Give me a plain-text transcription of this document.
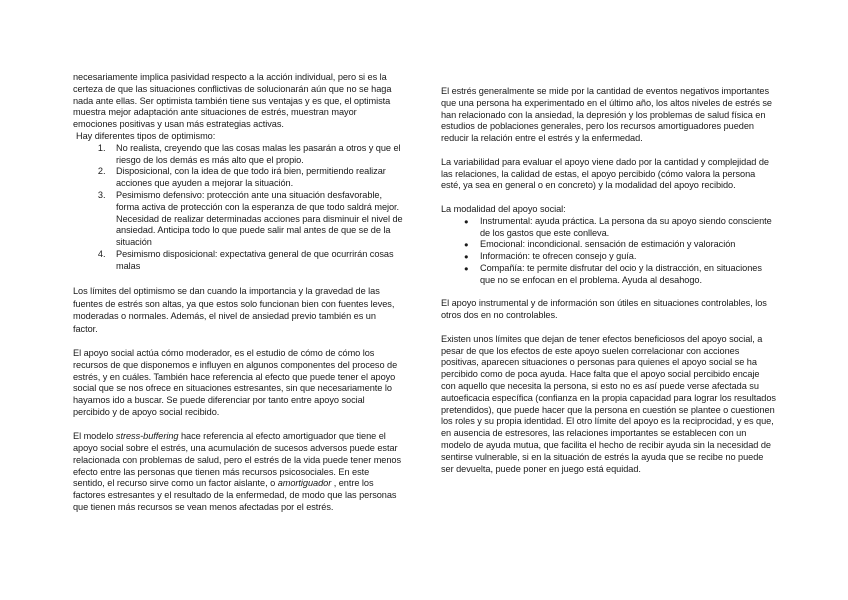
necesariamente implica pasividad respecto a la acción individual, pero si es la certeza de que las situaciones conflictivas de solucionarán aún que no se haga nada ante ellas. Ser optimista también tiene sus ventajas y es que, el optimista muestra mejor adaptación ante situaciones de estrés, muestran mayor emociones positivas y usan más estrategias activas.

Hay diferentes tipos de optimismo:

1. No realista, creyendo que las cosas malas les pasarán a otros y que el riesgo de los demás es más alto que el propio.
2. Disposicional, con la idea de que todo irá bien, permitiendo realizar acciones que ayuden a mejorar la situación.
3. Pesimismo defensivo: protección ante una situación desfavorable, forma activa de protección con la esperanza de que todo saldrá mejor. Necesidad de realizar determinadas acciones para disminuir el nivel de ansiedad. Anticipa todo lo que puede salir mal antes de que se de la situación
4. Pesimismo disposicional: expectativa general de que ocurrirán cosas malas

Los límites del optimismo se dan cuando la importancia y la gravedad de las fuentes de estrés son altas, ya que estos solo funcionan bien con fuentes leves, moderadas o normales. Además, el nivel de ansiedad previo también es un factor.

El apoyo social actúa cómo moderador, es el estudio de cómo de cómo los recursos de que disponemos e influyen en algunos componentes del proceso de estrés, y en cuáles. También hace referencia al efecto que puede tener el apoyo social que se nos ofrece en situaciones estresantes, sin que necesariamente lo hayamos ido a buscar. Se puede diferenciar por tanto entre apoyo social percibido y de apoyo social recibido.

El modelo stress-buffering hace referencia al efecto amortiguador que tiene el apoyo social sobre el estrés, una acumulación de sucesos adversos puede estar relacionada con problemas de salud, pero el estrés de la vida puede tener menos efecto entre las personas que tienen más recursos psicosociales. En este sentido, el recurso sirve como un factor aislante, o amortiguador , entre los factores estresantes y el resultado de la enfermedad, de modo que las personas que tienen más recursos se vean menos afectadas por el estrés.

El estrés generalmente se mide por la cantidad de eventos negativos importantes que una persona ha experimentado en el último año, los altos niveles de estrés se han relacionado con la ansiedad, la depresión y los problemas de salud física en estudios de poblaciones generales, pero los recursos amortiguadores pueden reducir la relación entre el estrés y la enfermedad.

La variabilidad para evaluar el apoyo viene dado por la cantidad y complejidad de las relaciones, la calidad de estas, el apoyo percibido (cómo valora la persona esté, ya sea en general o en concreto) y la modalidad del apoyo recibido.

La modalidad del apoyo social:

● Instrumental: ayuda práctica. La persona da su apoyo siendo consciente de los gastos que este conlleva.
● Emocional: incondicional. sensación de estimación y valoración
● Información: te ofrecen consejo y guía.
● Compañía: te permite disfrutar del ocio y la distracción, en situaciones que no se enfocan en el problema. Ayuda al desahogo.

El apoyo instrumental y de información son útiles en situaciones controlables, los otros dos en no controlables.

Existen unos límites que dejan de tener efectos beneficiosos del apoyo social, a pesar de que los efectos de este apoyo suelen correlacionar con acciones positivas, aparecen situaciones o personas para quienes el apoyo social se ha percibido como de poca ayuda. Hace falta que el apoyo social percibido encaje con aquello que necesita la persona, si esto no es así puede verse afectada su autoeficacia específica (confianza en la propia capacidad para lograr los resultados pretendidos), que puede hacer que la persona en cuestión se plantee o cuestionen los roles y su propia identidad. El otro límite del apoyo es la reciprocidad, y es que, en ausencia de estresores, las relaciones importantes se establecen con un modelo de ayuda mutua, que facilita el hecho de recibir ayuda sin la necesidad de sentirse vulnerable, si en la situación de estrés la ayuda que se recibe no puede ser devuelta, puede poner en juego está equidad.
